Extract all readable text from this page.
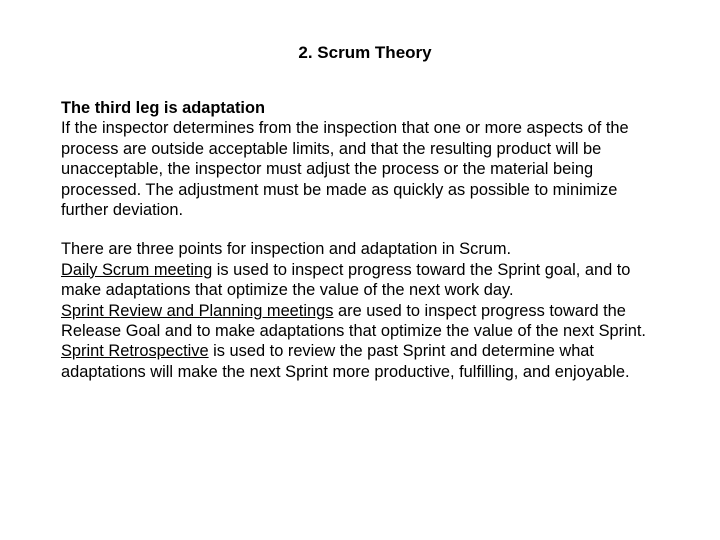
2. Scrum Theory

The third leg is adaptation

If the inspector determines from the inspection that one or more aspects of the process are outside acceptable limits, and that the resulting product will be unacceptable, the inspector must adjust the process or the material being processed. The adjustment must be made as quickly as possible to minimize further deviation.

There are three points for inspection and adaptation in Scrum.

Daily Scrum meeting is used to inspect progress toward the Sprint goal, and to make adaptations that optimize the value of the next work day.

Sprint Review and Planning meetings are used to inspect progress toward the Release Goal and to make adaptations that optimize the value of the next Sprint.

Sprint Retrospective is used to review the past Sprint and determine what adaptations will make the next Sprint more productive, fulfilling, and enjoyable.
